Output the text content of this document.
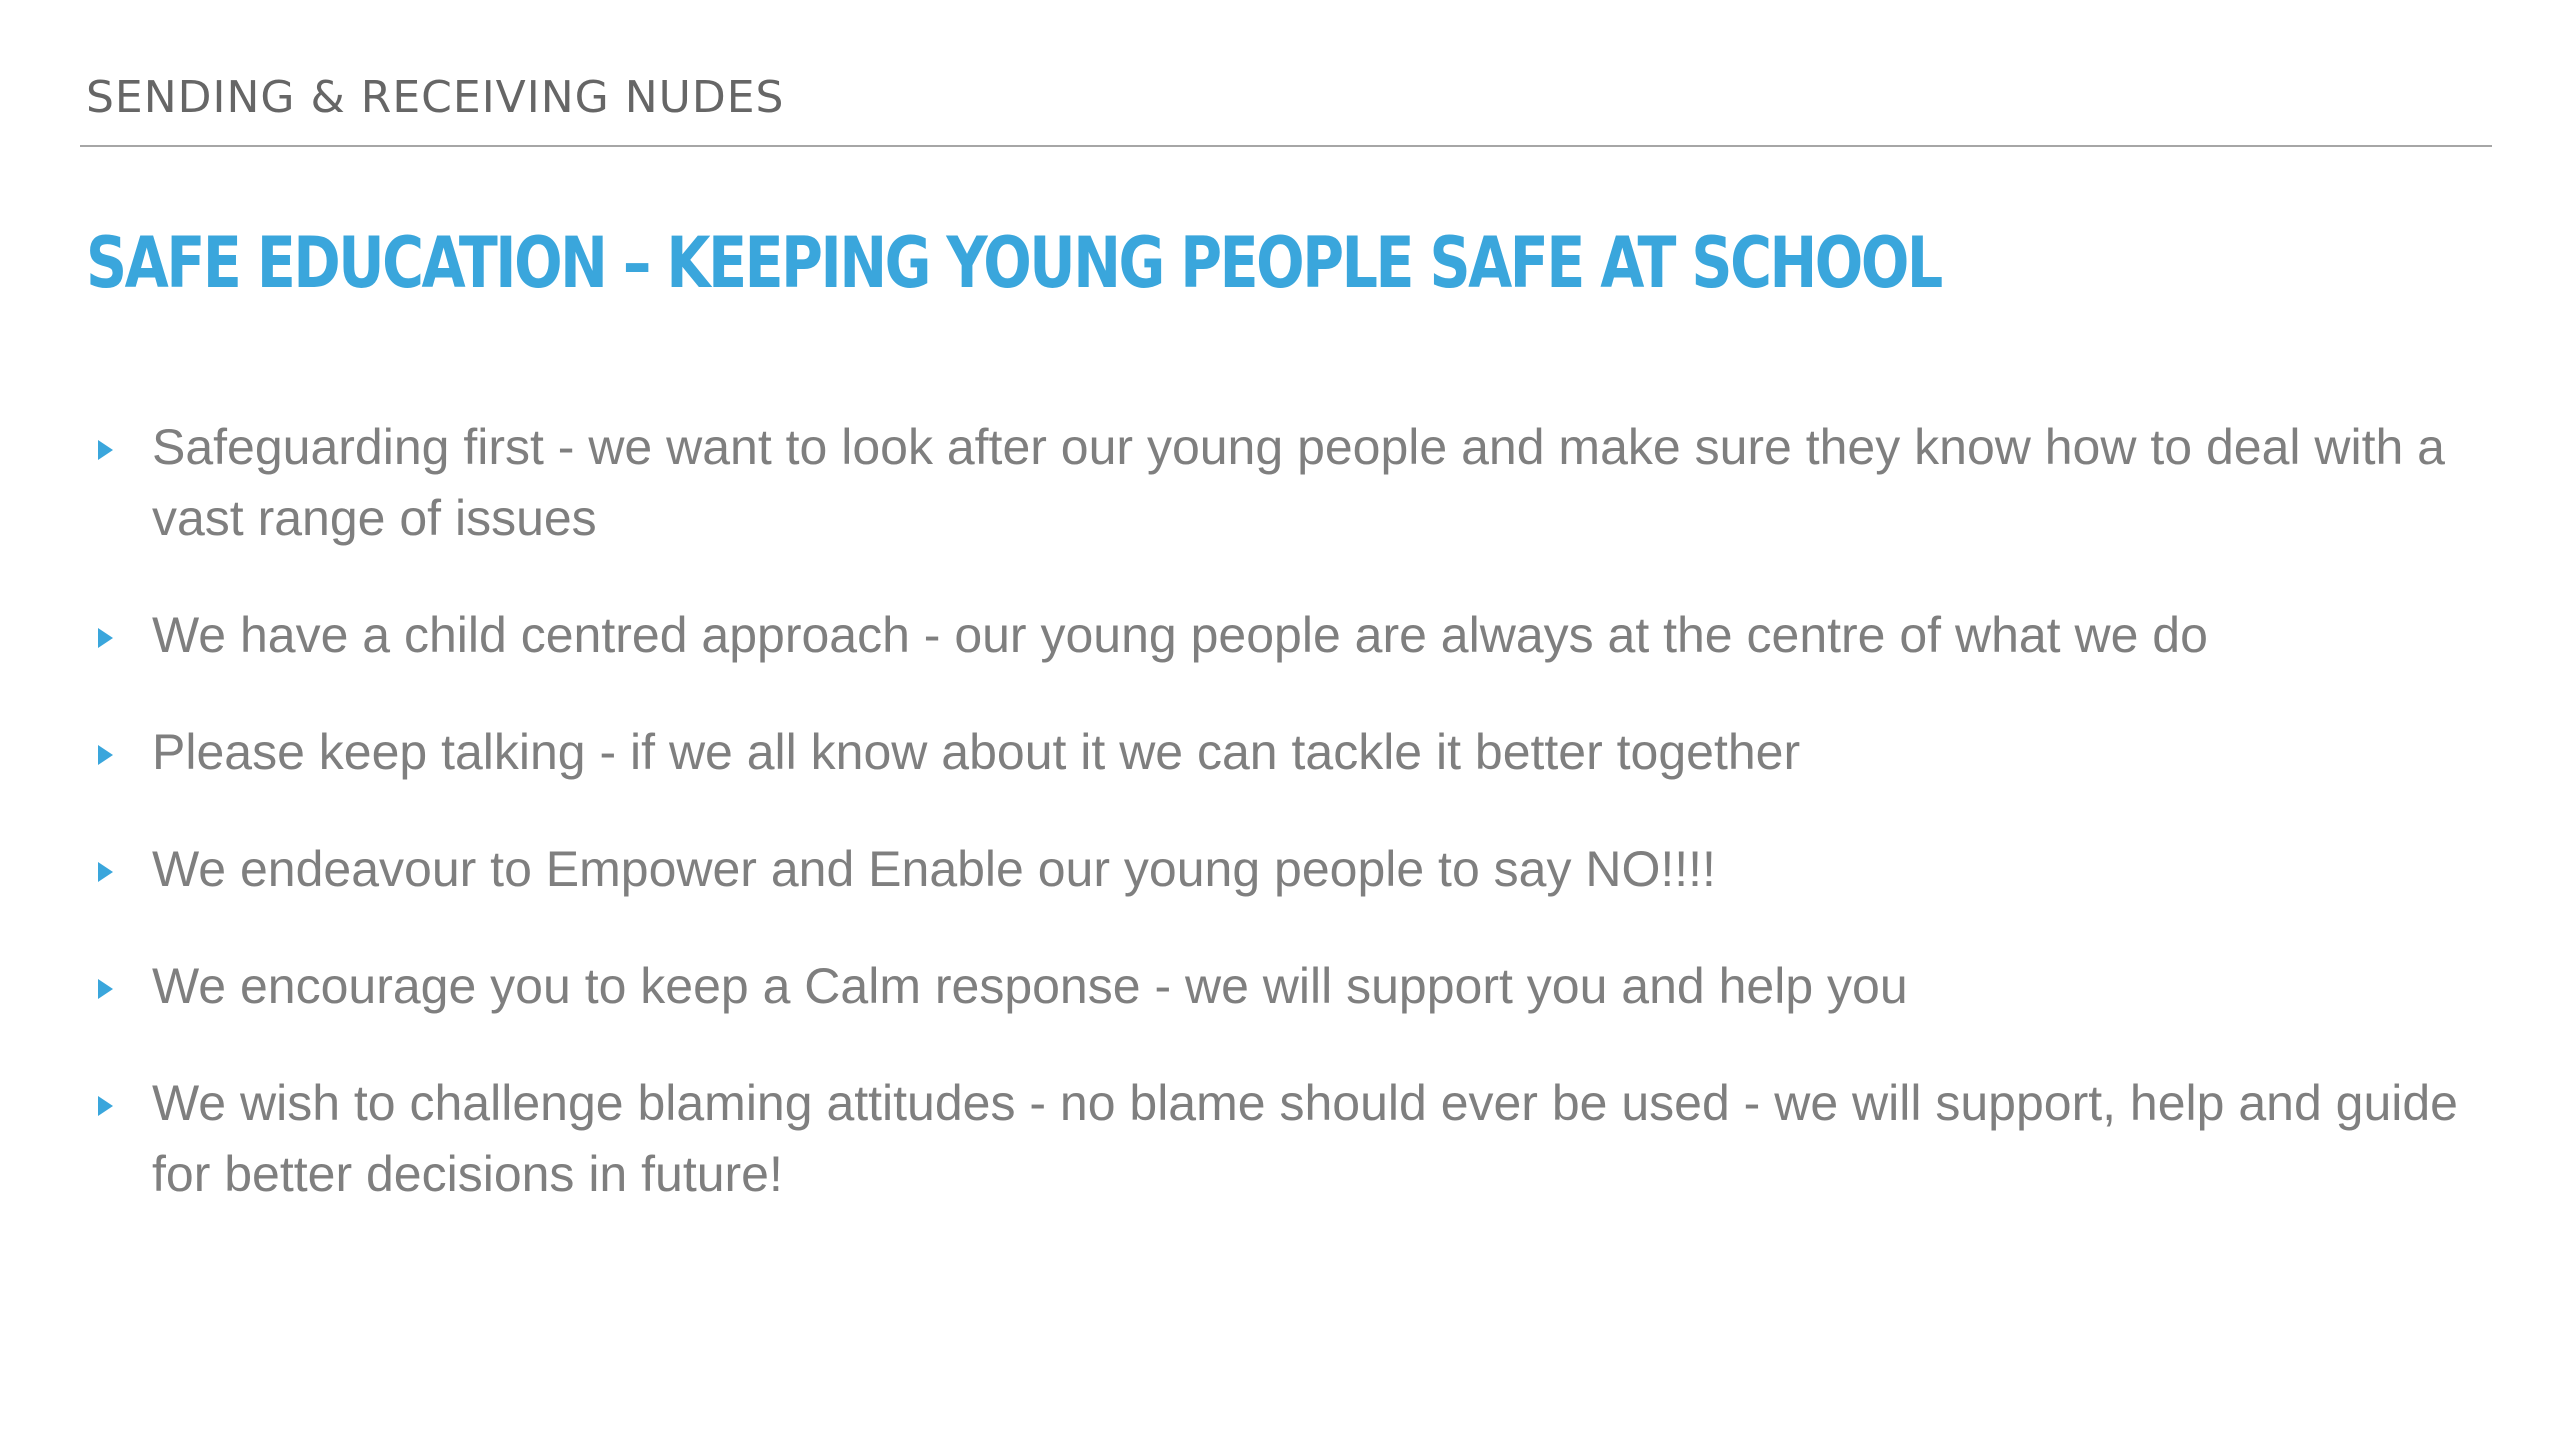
SENDING & RECEIVING NUDES
SAFE EDUCATION – KEEPING YOUNG PEOPLE SAFE AT SCHOOL
Safeguarding first - we want to look after our young people and make sure they know how to deal with a vast range of issues
We have a child centred approach - our young people are always at the centre of what we do
Please keep talking - if we all know about it we can tackle it better together
We endeavour to Empower and Enable our young people to say NO!!!!
We encourage you to keep a Calm response - we will support you and help you
We wish to challenge blaming attitudes - no blame should ever be used - we will support, help and guide for better decisions in future!
